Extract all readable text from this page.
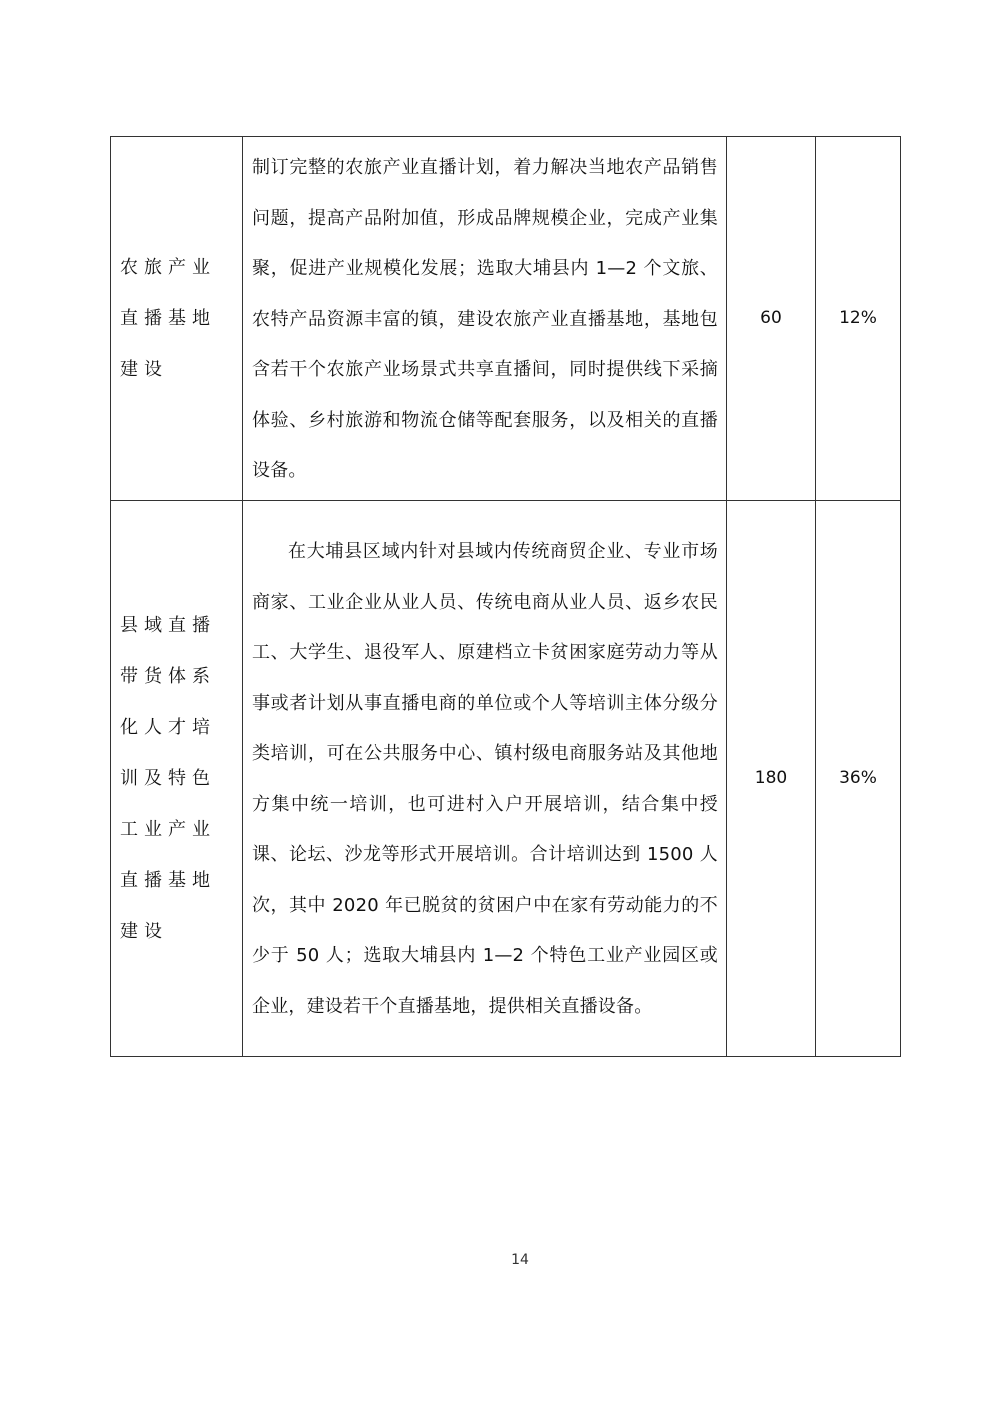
农旅产业直播基地建设	制订完整的农旅产业直播计划，着力解决当地农产品销售问题，提高产品附加值，形成品牌规模企业，完成产业集聚，促进产业规模化发展；选取大埔县内 1—2 个文旅、农特产品资源丰富的镇，建设农旅产业直播基地，基地包含若干个农旅产业场景式共享直播间，同时提供线下采摘体验、乡村旅游和物流仓储等配套服务，以及相关的直播设备。	60	12%
县域直播带货体系化人才培训及特色工业产业直播基地建设	在大埔县区域内针对县域内传统商贸企业、专业市场商家、工业企业从业人员、传统电商从业人员、返乡农民工、大学生、退役军人、原建档立卡贫困家庭劳动力等从事或者计划从事直播电商的单位或个人等培训主体分级分类培训，可在公共服务中心、镇村级电商服务站及其他地方集中统一培训，也可进村入户开展培训，结合集中授课、论坛、沙龙等形式开展培训。合计培训达到 1500 人次，其中 2020 年已脱贫的贫困户中在家有劳动能力的不少于 50 人；选取大埔县内 1—2 个特色工业产业园区或企业，建设若干个直播基地，提供相关直播设备。	180	36%
14
